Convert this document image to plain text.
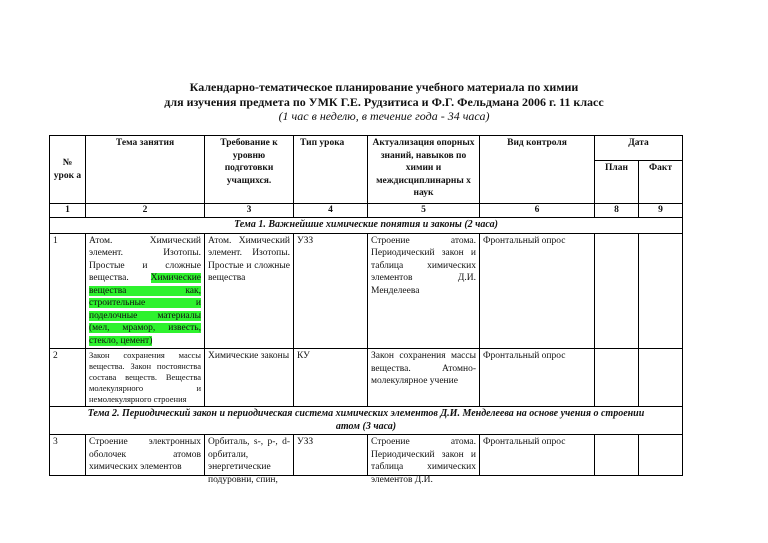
Календарно-тематическое планирование учебного материала по химии
для изучения предмета по УМК Г.Е. Рудзитиса и Ф.Г. Фельдмана 2006 г. 11 класс
(1 час в неделю, в течение года - 34 часа)
№ урок а	Тема занятия	Требование к уровню подготовки учащихся.	Тип урока	Актуализация опорных знаний, навыков по химии и междисциплинарны х наук	Вид контроля	Дата	
						План	Факт
1	2	3	4	5	6	8	9
Тема 1. Важнейшие химические понятия и законы (2 часа)							
1	Атом. Химический элемент. Изотопы. Простые и сложные вещества. Химические вещества как, строительные и поделочные материалы (мел, мрамор, известь, стекло, цемент)	Атом. Химический элемент. Изотопы. Простые и сложные вещества	УЗЗ	Строение атома. Периодический закон и таблица химических элементов Д.И. Менделеева	Фронтальный опрос		
2	Закон сохранения массы вещества. Закон постоянства состава веществ. Вещества молекулярного и немолекулярного строения	Химические законы	КУ	Закон сохранения массы вещества. Атомно-молекулярное учение	Фронтальный опрос		
Тема 2. Периодический закон и периодическая система химических элементов Д.И. Менделеева на основе учения о строении
атом (3 часа)							
3	Строение электронных оболочек атомов химических элементов	Орбиталь, s-, p-, d-орбитали, энергетические подуровни, спин,	УЗЗ	Строение атома. Периодический закон и таблица химических элементов Д.И.	Фронтальный опрос		
